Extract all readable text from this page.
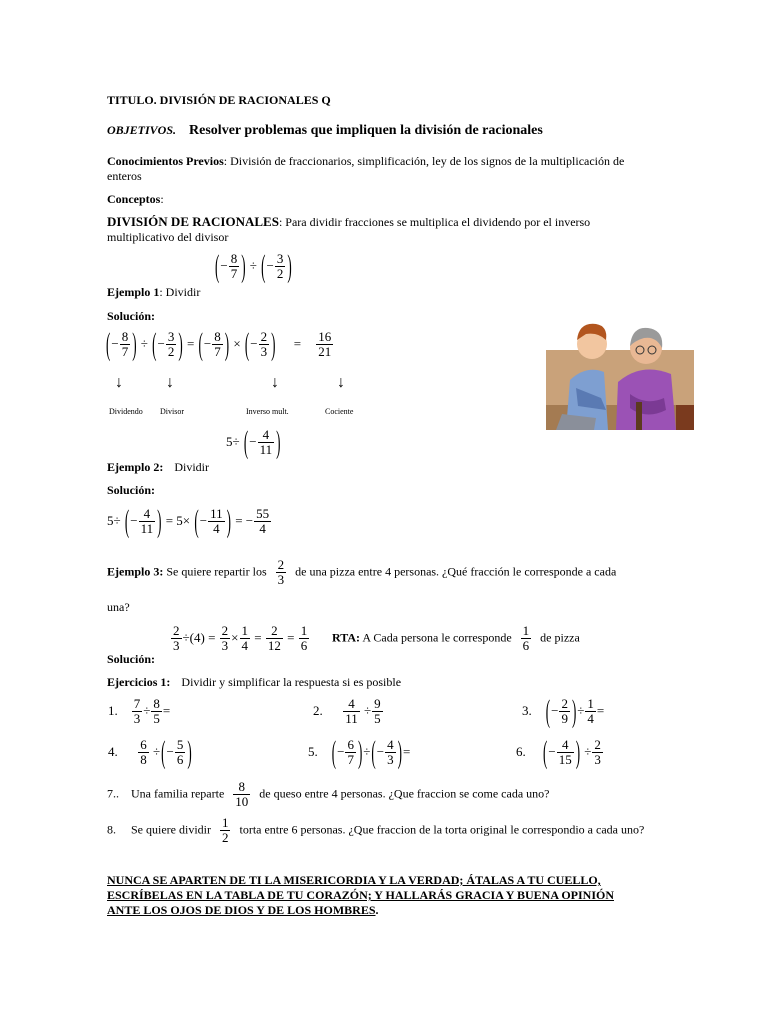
TITULO. DIVISIÓN DE RACIONALES Q
OBJETIVOS. Resolver problemas que impliquen la división de racionales
Conocimientos Previos: División de fraccionarios, simplificación, ley de los signos de la multiplicación de
enteros
Conceptos:
DIVISIÓN DE RACIONALES: Para dividir fracciones se multiplica el dividendo por el inverso
multiplicativo del divisor
(− $\frac{8}{7}$ ) ÷ (− $\frac{3}{2}$ )
Ejemplo 1: Dividir
Solución:
(− $\frac{8}{7}$ ) ÷ (− $\frac{3}{2}$ ) = (− $\frac{8}{7}$ ) × (− $\frac{2}{3}$ ) = $\frac{16}{21}$
↓	↓	↓	↓
Dividendo Divisor	Inverso mult.	Cociente
5÷ (− $\frac{4}{11}$ )
Ejemplo 2: Dividir
Solución:
5÷ (− $\frac{4}{11}$ ) = 5× (− $\frac{11}{4}$ ) = − $\frac{55}{4}$
Ejemplo 3: Se quiere repartir los $\frac{2}{3}$ de una pizza entre 4 personas. ¿Qué fracción le corresponde a cada
una?
$\frac{2}{3} \div(4) = \frac{2}{3} \times \frac{1}{4} = \frac{2}{12} = \frac{1}{6}$
Solución:
RTA: A Cada persona le corresponde $\frac{1}{6}$ de pizza
Ejercicios 1: Dividir y simplificar la respuesta si es posible
1. $\frac{7}{3} \div \frac{8}{5}$ =	2. $\frac{4}{11} \div \frac{9}{5}$	3. (− $\frac{2}{9}$ )÷ $\frac{1}{4}$ =
4. $\frac{6}{8}$ ÷(− $\frac{5}{6}$ )	5. (− $\frac{6}{7}$ )÷(− $\frac{4}{3}$ )=	6. (− $\frac{4}{15}$ ) ÷ $\frac{2}{3}$
7.. Una familia reparte $\frac{8}{10}$ de queso entre 4 personas. ¿Que fraccion se come cada uno?
8. Se quiere dividir $\frac{1}{2}$ torta entre 6 personas. ¿Que fraccion de la torta original le correspondio a cada uno?
NUNCA SE APARTEN DE TI LA MISERICORDIA Y LA VERDAD; ÁTALAS A TU CUELLO,
ESCRÍBELAS EN LA TABLA DE TU CORAZÓN; Y HALLARÁS GRACIA Y BUENA OPINIÓN
ANTE LOS OJOS DE DIOS Y DE LOS HOMBRES.
